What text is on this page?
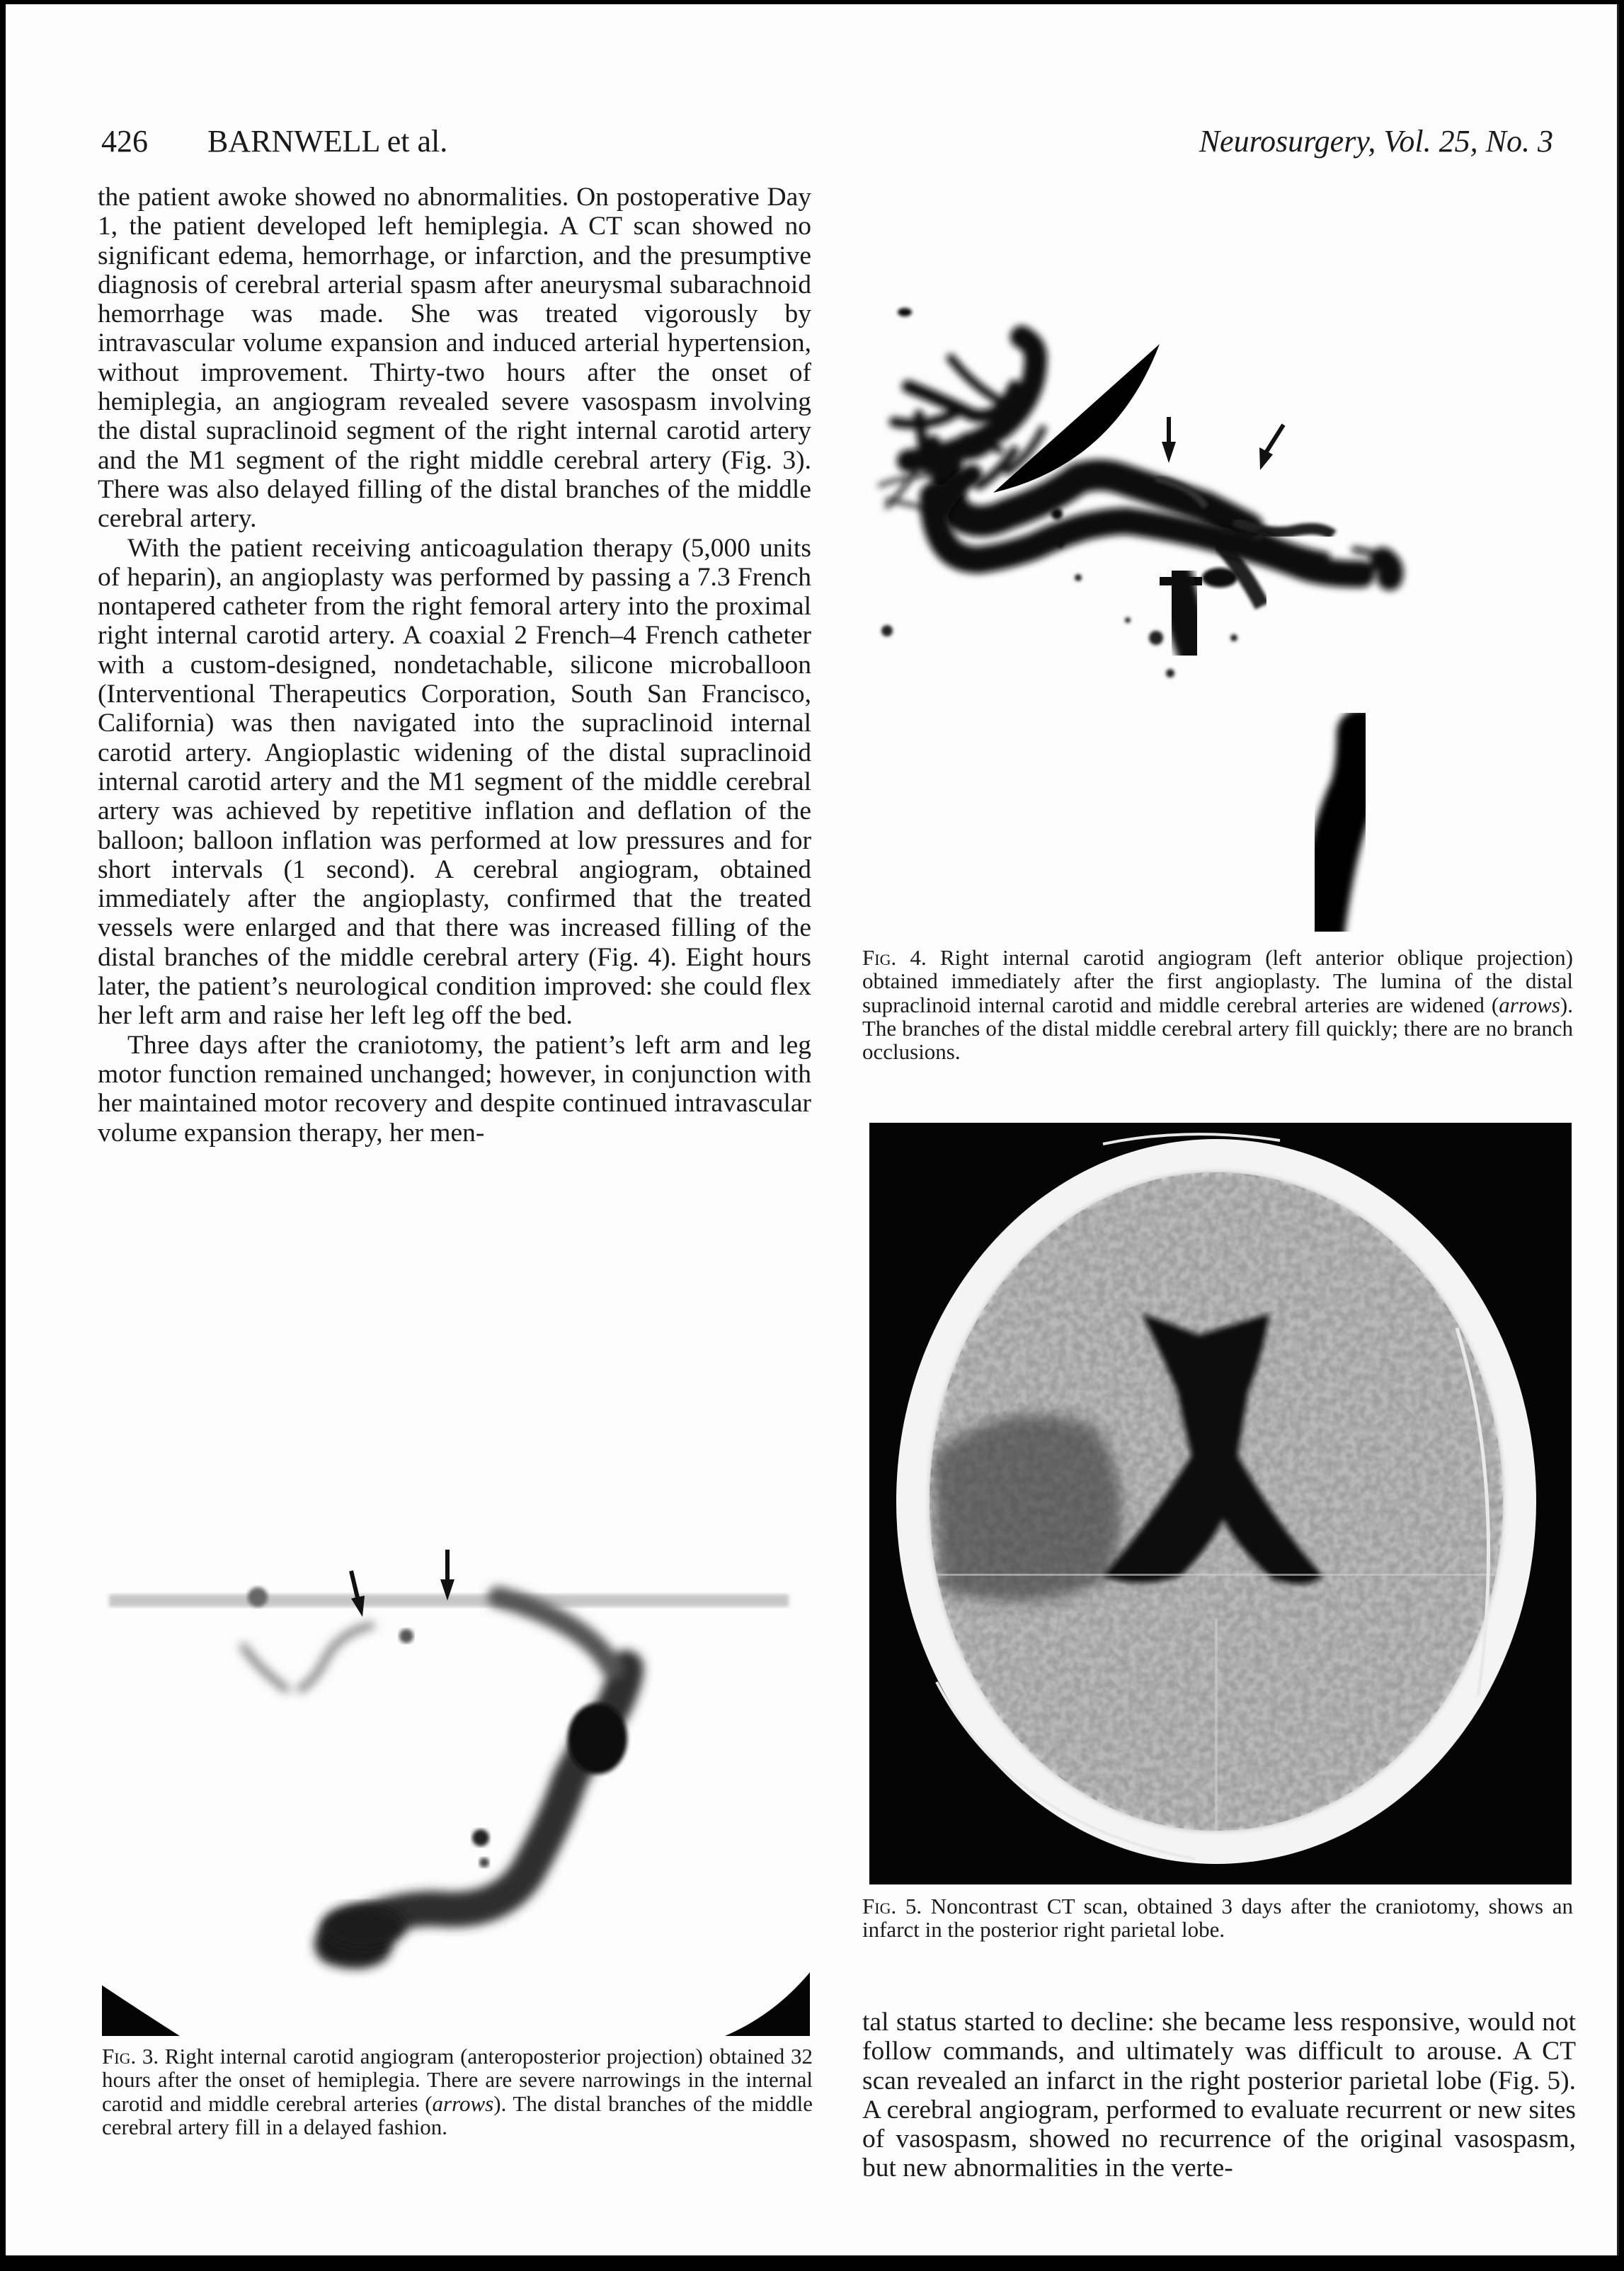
426 BARNWELL et al.	Neurosurgery, Vol. 25, No. 3

the patient awoke showed no abnormalities. On postoperative Day 1, the patient developed left hemiplegia. A CT scan showed no significant edema, hemorrhage, or infarction, and the presumptive diagnosis of cerebral arterial spasm after aneurysmal subarachnoid hemorrhage was made. She was treated vigorously by intravascular volume expansion and induced arterial hypertension, without improvement. Thirty-two hours after the onset of hemiplegia, an angiogram revealed severe vasospasm involving the distal supraclinoid segment of the right internal carotid artery and the M1 segment of the right middle cerebral artery (Fig. 3). There was also delayed filling of the distal branches of the middle cerebral artery.

With the patient receiving anticoagulation therapy (5,000 units of heparin), an angioplasty was performed by passing a 7.3 French nontapered catheter from the right femoral artery into the proximal right internal carotid artery. A coaxial 2 French–4 French catheter with a custom-designed, nondetachable, silicone microballoon (Interventional Therapeutics Corporation, South San Francisco, California) was then navigated into the supraclinoid internal carotid artery. Angioplastic widening of the distal supraclinoid internal carotid artery and the M1 segment of the middle cerebral artery was achieved by repetitive inflation and deflation of the balloon; balloon inflation was performed at low pressures and for short intervals (1 second). A cerebral angiogram, obtained immediately after the angioplasty, confirmed that the treated vessels were enlarged and that there was increased filling of the distal branches of the middle cerebral artery (Fig. 4). Eight hours later, the patient’s neurological condition improved: she could flex her left arm and raise her left leg off the bed.

Three days after the craniotomy, the patient’s left arm and leg motor function remained unchanged; however, in conjunction with her maintained motor recovery and despite continued intravascular volume expansion therapy, her men-

Fig. 4. Right internal carotid angiogram (left anterior oblique projection) obtained immediately after the first angioplasty. The lumina of the distal supraclinoid internal carotid and middle cerebral arteries are widened (arrows). The branches of the distal middle cerebral artery fill quickly; there are no branch occlusions.
Fig. 5. Noncontrast CT scan, obtained 3 days after the craniotomy, shows an infarct in the posterior right parietal lobe.
Fig. 3. Right internal carotid angiogram (anteroposterior projection) obtained 32 hours after the onset of hemiplegia. There are severe narrowings in the internal carotid and middle cerebral arteries (arrows). The distal branches of the middle cerebral artery fill in a delayed fashion.

tal status started to decline: she became less responsive, would not follow commands, and ultimately was difficult to arouse. A CT scan revealed an infarct in the right posterior parietal lobe (Fig. 5). A cerebral angiogram, performed to evaluate recurrent or new sites of vasospasm, showed no recurrence of the original vasospasm, but new abnormalities in the verte-
